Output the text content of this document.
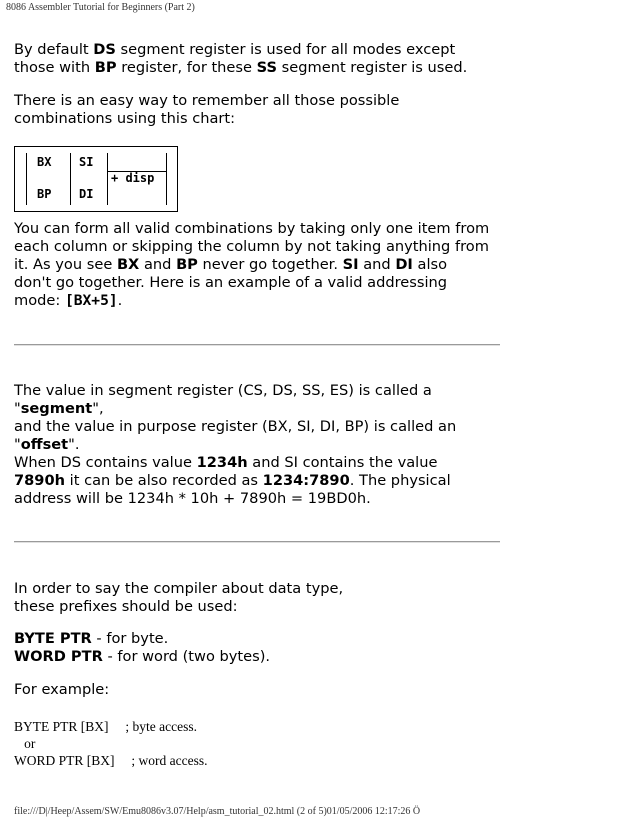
8086 Assembler Tutorial for Beginners (Part 2)

By default DS segment register is used for all modes except
those with BP register, for these SS segment register is used.

There is an easy way to remember all those possible
combinations using this chart:

BX
BP
SI
DI
+ disp

You can form all valid combinations by taking only one item from
each column or skipping the column by not taking anything from
it. As you see BX and BP never go together. SI and DI also
don't go together. Here is an example of a valid addressing
mode: [BX+5].

The value in segment register (CS, DS, SS, ES) is called a
"segment",
and the value in purpose register (BX, SI, DI, BP) is called an
"offset".
When DS contains value 1234h and SI contains the value
7890h it can be also recorded as 1234:7890. The physical
address will be 1234h * 10h + 7890h = 19BD0h.

In order to say the compiler about data type,
these prefixes should be used:

BYTE PTR - for byte.
WORD PTR - for word (two bytes).

For example:

BYTE PTR [BX]     ; byte access.
or
WORD PTR [BX]     ; word access.
file:///D|/Heep/Assem/SW/Emu8086v3.07/Help/asm_tutorial_02.html (2 of 5)01/05/2006 12:17:26 Ö
